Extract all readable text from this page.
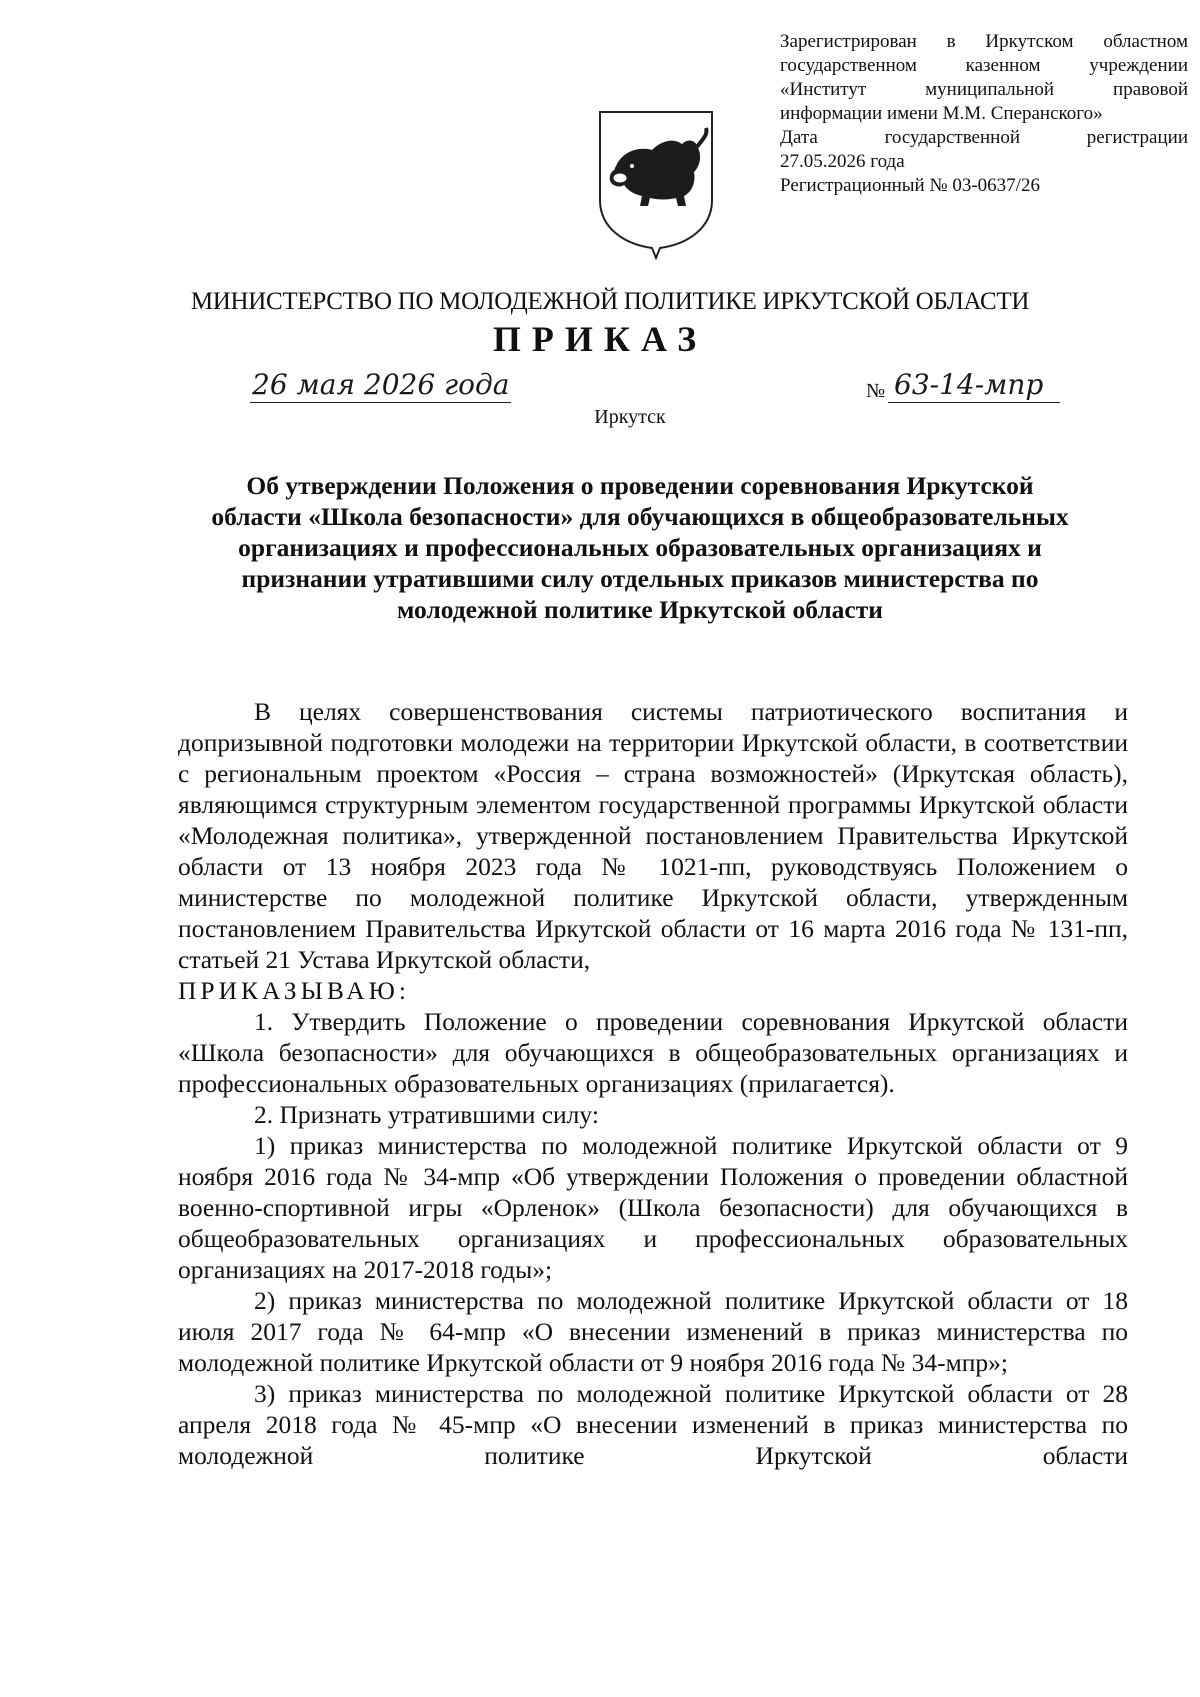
Зарегистрирован в Иркутском областном
государственном казенном учреждении
«Институт муниципальной правовой
информации имени М.М. Сперанского»
Дата государственной регистрации
27.05.2026 года
Регистрационный № 03-0637/26
МИНИСТЕРСТВО ПО МОЛОДЕЖНОЙ ПОЛИТИКЕ ИРКУТСКОЙ ОБЛАСТИ
ПРИКАЗ
26 мая 2026 года	№ 63-14-мпр
Иркутск
Об утверждении Положения о проведении соревнования Иркутской области «Школа безопасности» для обучающихся в общеобразовательных организациях и профессиональных образовательных организациях и признании утратившими силу отдельных приказов министерства по молодежной политике Иркутской области

В целях совершенствования системы патриотического воспитания и допризывной подготовки молодежи на территории Иркутской области, в соответствии с региональным проектом «Россия – страна возможностей» (Иркутская область), являющимся структурным элементом государственной программы Иркутской области «Молодежная политика», утвержденной постановлением Правительства Иркутской области от 13 ноября 2023 года № 1021-пп, руководствуясь Положением о министерстве по молодежной политике Иркутской области, утвержденным постановлением Правительства Иркутской области от 16 марта 2016 года № 131-пп, статьей 21 Устава Иркутской области,

ПРИКАЗЫВАЮ:

1. Утвердить Положение о проведении соревнования Иркутской области «Школа безопасности» для обучающихся в общеобразовательных организациях и профессиональных образовательных организациях (прилагается).

2. Признать утратившими силу:

1) приказ министерства по молодежной политике Иркутской области от 9 ноября 2016 года № 34-мпр «Об утверждении Положения о проведении областной военно-спортивной игры «Орленок» (Школа безопасности) для обучающихся в общеобразовательных организациях и профессиональных образовательных организациях на 2017-2018 годы»;

2) приказ министерства по молодежной политике Иркутской области от 18 июля 2017 года № 64-мпр «О внесении изменений в приказ министерства по молодежной политике Иркутской области от 9 ноября 2016 года № 34-мпр»;

3) приказ министерства по молодежной политике Иркутской области от 28 апреля 2018 года № 45-мпр «О внесении изменений в приказ министерства по молодежной политике Иркутской области
